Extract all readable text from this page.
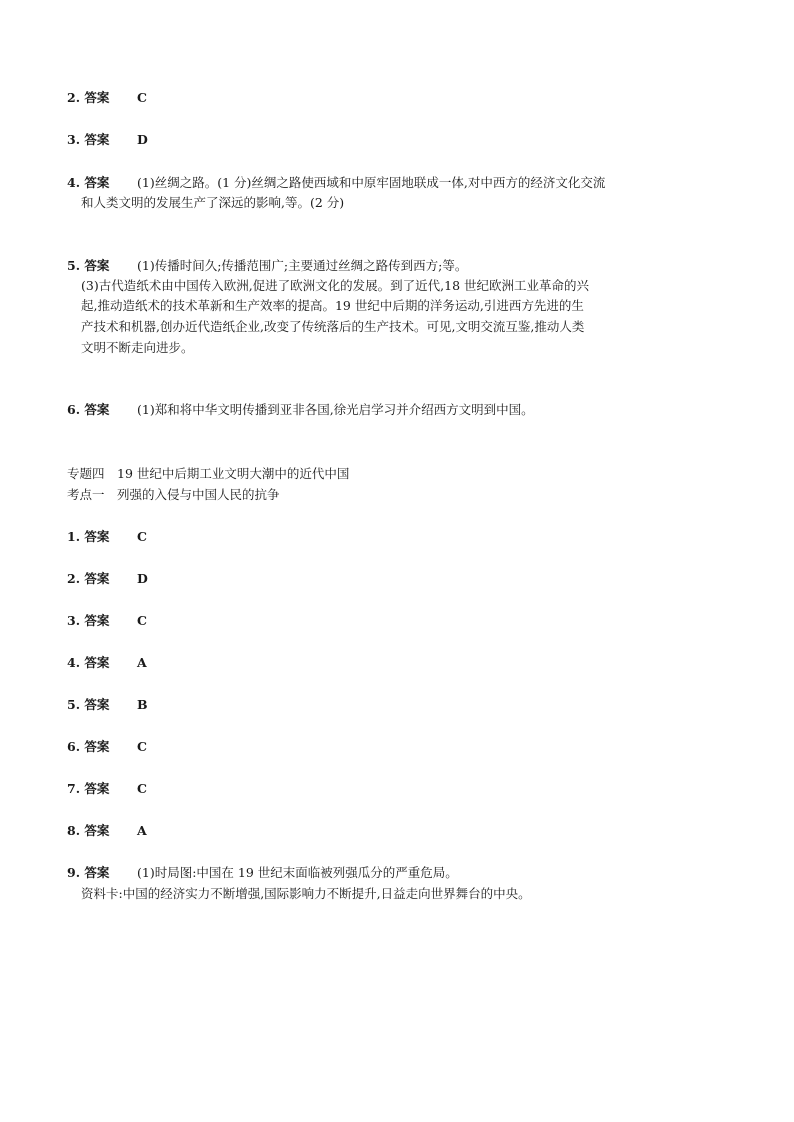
2. 答案 C
3. 答案 D
4. 答案 (1)丝绸之路。(1 分)丝绸之路使西域和中原牢固地联成一体,对中西方的经济文化交流
和人类文明的发展生产了深远的影响,等。(2 分)
5. 答案 (1)传播时间久;传播范围广;主要通过丝绸之路传到西方;等。
(3)古代造纸术由中国传入欧洲,促进了欧洲文化的发展。到了近代,18 世纪欧洲工业革命的兴
起,推动造纸术的技术革新和生产效率的提高。19 世纪中后期的洋务运动,引进西方先进的生
产技术和机器,创办近代造纸企业,改变了传统落后的生产技术。可见,文明交流互鉴,推动人类
文明不断走向进步。
6. 答案 (1)郑和将中华文明传播到亚非各国,徐光启学习并介绍西方文明到中国。
专题四　19 世纪中后期工业文明大潮中的近代中国
考点一　列强的入侵与中国人民的抗争
1. 答案 C
2. 答案 D
3. 答案 C
4. 答案 A
5. 答案 B
6. 答案 C
7. 答案 C
8. 答案 A
9. 答案 (1)时局图:中国在 19 世纪末面临被列强瓜分的严重危局。
资料卡:中国的经济实力不断增强,国际影响力不断提升,日益走向世界舞台的中央。
